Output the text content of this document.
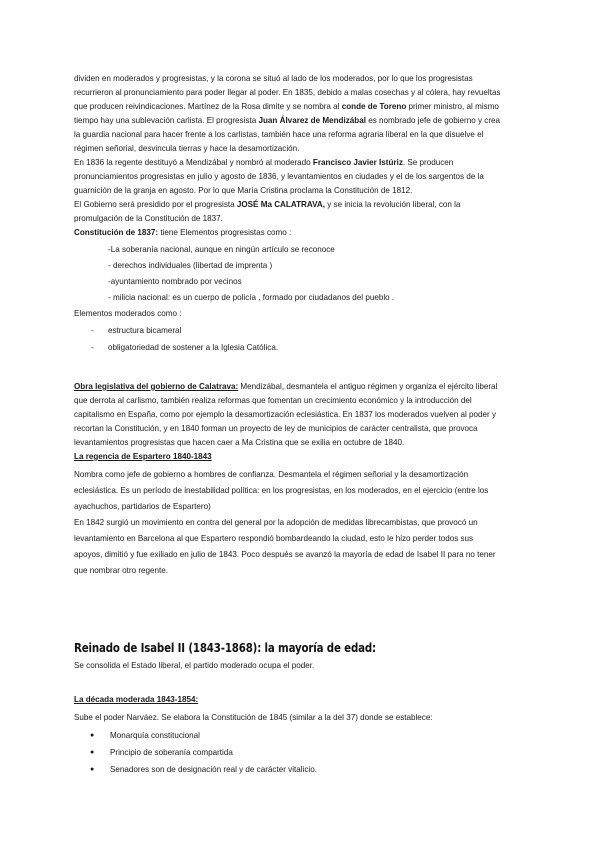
dividen en moderados y progresistas, y la corona se situó al lado de los moderados, por lo que los progresistas

recurrieron al pronunciamiento para poder llegar al poder. En 1835, debido a malas cosechas y al cólera, hay revueltas

que producen reivindicaciones. Martínez de la Rosa dimite y se nombra al conde de Toreno primer ministro, al mismo

tiempo hay una sublevación carlista. El progresista Juan Álvarez de Mendizábal es nombrado jefe de gobierno y crea

la guardia nacional para hacer frente a los carlistas, también hace una reforma agraria liberal en la que disuelve el

régimen señorial, desvincula tierras y hace la desamortización.

En 1836 la regente destituyó a Mendizábal y nombró al moderado Francisco Javier Istúriz. Se producen

pronunciamientos progresistas en julio y agosto de 1836, y levantamientos en ciudades y el de los sargentos de la

guarnición de la granja en agosto. Por lo que María Cristina proclama la Constitución de 1812.

El Gobierno será presidido por el progresista JOSÉ Ma CALATRAVA, y se inicia la revolución liberal, con la

promulgación de la Constitución de 1837.

Constitución de 1837: tiene Elementos progresistas como :

-La soberanía nacional, aunque en ningún artículo se reconoce

- derechos individuales (libertad de imprenta )

-ayuntamiento nombrado por vecinos

- milicia nacional: es un cuerpo de policía , formado por ciudadanos del pueblo .

Elementos moderados como :

- estructura bicameral

- obligatoriedad de sostener a la Iglesia Católica.

Obra legislativa del gobierno de Calatrava: Mendizábal, desmantela el antiguo régimen y organiza el ejército liberal

que derrota al carlismo, también realiza reformas que fomentan un crecimiento económico y la introducción del

capitalismo en España, como por ejemplo la desamortización eclesiástica. En 1837 los moderados vuelven al poder y

recortan la Constitución, y en 1840 forman un proyecto de ley de municipios de carácter centralista, que provoca

levantamientos progresistas que hacen caer a Ma Cristina que se exilia en octubre de 1840.

La regencia de Espartero 1840-1843

Nombra como jefe de gobierno a hombres de confianza. Desmantela el régimen señorial y la desamortización

eclesiástica. Es un período de inestabilidad política: en los progresistas, en los moderados, en el ejercicio (entre los

ayachuchos, partidarios de Espartero)

En 1842 surgió un movimiento en contra del general por la adopción de medidas librecambistas, que provocó un

levantamiento en Barcelona al que Espartero respondió bombardeando la ciudad, esto le hizo perder todos sus

apoyos, dimitió y fue exiliado en julio de 1843. Poco después se avanzó la mayoría de edad de Isabel II para no tener

que nombrar otro regente.

Reinado de Isabel II (1843-1868): la mayoría de edad:

Se consolida el Estado liberal, el partido moderado ocupa el poder.

La década moderada 1843-1854:

Sube el poder Narváez. Se elabora la Constitución de 1845 (similar a la del 37) donde se establece:

● Monarquía constitucional

● Principio de soberanía compartida

● Senadores son de designación real y de carácter vitalicio.
